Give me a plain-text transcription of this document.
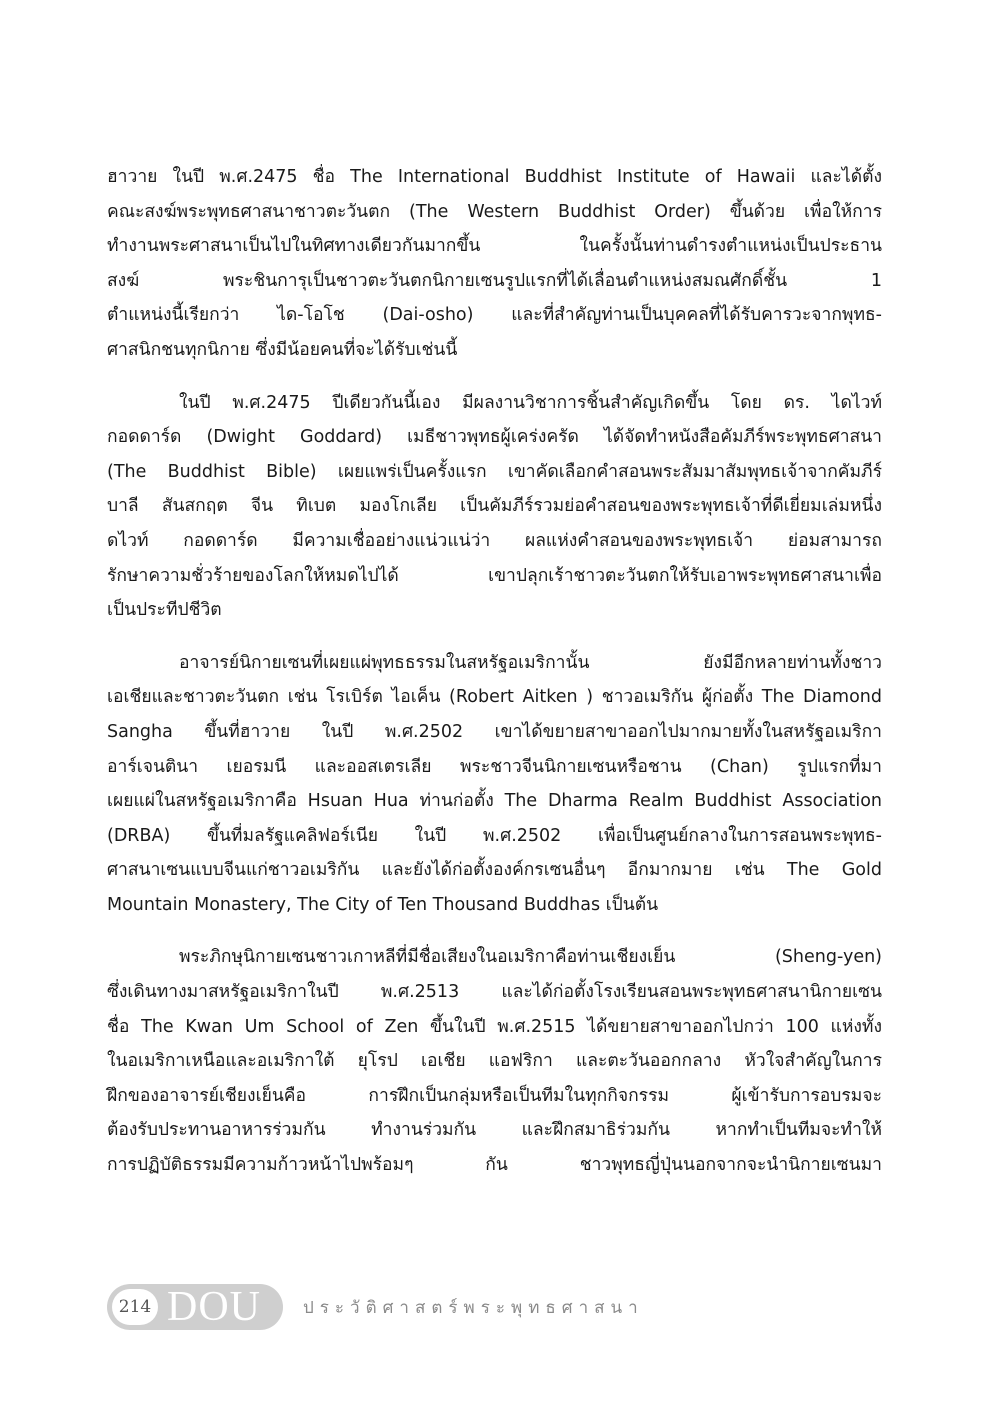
ฮาวาย ในปี พ.ศ.2475 ชื่อ The International Buddhist Institute of Hawaii และได้ตั้ง
คณะสงฆ์พระพุทธศาสนาชาวตะวันตก (The Western Buddhist Order) ขึ้นด้วย เพื่อให้การ
ทำงานพระศาสนาเป็นไปในทิศทางเดียวกันมากขึ้น ในครั้งนั้นท่านดำรงตำแหน่งเป็นประธาน
สงฆ์ พระชินการุเป็นชาวตะวันตกนิกายเซนรูปแรกที่ได้เลื่อนตำแหน่งสมณศักดิ์ชั้น 1
ตำแหน่งนี้เรียกว่า ได-โอโช (Dai-osho) และที่สำคัญท่านเป็นบุคคลที่ได้รับคารวะจากพุทธ-
ศาสนิกชนทุกนิกาย ซึ่งมีน้อยคนที่จะได้รับเช่นนี้

ในปี พ.ศ.2475 ปีเดียวกันนี้เอง มีผลงานวิชาการชิ้นสำคัญเกิดขึ้น โดย ดร. ไดไวท์
กอดดาร์ด (Dwight Goddard) เมธีชาวพุทธผู้เคร่งครัด ได้จัดทำหนังสือคัมภีร์พระพุทธศาสนา
(The Buddhist Bible) เผยแพร่เป็นครั้งแรก เขาคัดเลือกคำสอนพระสัมมาสัมพุทธเจ้าจากคัมภีร์
บาลี สันสกฤต จีน ทิเบต มองโกเลีย เป็นคัมภีร์รวมย่อคำสอนของพระพุทธเจ้าที่ดีเยี่ยมเล่มหนึ่ง
ดไวท์ กอดดาร์ด มีความเชื่ออย่างแน่วแน่ว่า ผลแห่งคำสอนของพระพุทธเจ้า ย่อมสามารถ
รักษาความชั่วร้ายของโลกให้หมดไปได้ เขาปลุกเร้าชาวตะวันตกให้รับเอาพระพุทธศาสนาเพื่อ
เป็นประทีปชีวิต

อาจารย์นิกายเซนที่เผยแผ่พุทธธรรมในสหรัฐอเมริกานั้น ยังมีอีกหลายท่านทั้งชาว
เอเชียและชาวตะวันตก เช่น โรเบิร์ต ไอเค็น (Robert Aitken ) ชาวอเมริกัน ผู้ก่อตั้ง The Diamond
Sangha ขึ้นที่ฮาวาย ในปี พ.ศ.2502 เขาได้ขยายสาขาออกไปมากมายทั้งในสหรัฐอเมริกา
อาร์เจนตินา เยอรมนี และออสเตรเลีย พระชาวจีนนิกายเซนหรือชาน (Chan) รูปแรกที่มา
เผยแผ่ในสหรัฐอเมริกาคือ Hsuan Hua ท่านก่อตั้ง The Dharma Realm Buddhist Association
(DRBA) ขึ้นที่มลรัฐแคลิฟอร์เนีย ในปี พ.ศ.2502 เพื่อเป็นศูนย์กลางในการสอนพระพุทธ-
ศาสนาเซนแบบจีนแก่ชาวอเมริกัน และยังได้ก่อตั้งองค์กรเซนอื่นๆ อีกมากมาย เช่น The Gold
Mountain Monastery, The City of Ten Thousand Buddhas เป็นต้น

พระภิกษุนิกายเซนชาวเกาหลีที่มีชื่อเสียงในอเมริกาคือท่านเชียงเย็น (Sheng-yen)
ซึ่งเดินทางมาสหรัฐอเมริกาในปี พ.ศ.2513 และได้ก่อตั้งโรงเรียนสอนพระพุทธศาสนานิกายเซน
ชื่อ The Kwan Um School of Zen ขึ้นในปี พ.ศ.2515 ได้ขยายสาขาออกไปกว่า 100 แห่งทั้ง
ในอเมริกาเหนือและอเมริกาใต้ ยุโรป เอเชีย แอฟริกา และตะวันออกกลาง หัวใจสำคัญในการ
ฝึกของอาจารย์เชียงเย็นคือ การฝึกเป็นกลุ่มหรือเป็นทีมในทุกกิจกรรม ผู้เข้ารับการอบรมจะ
ต้องรับประทานอาหารร่วมกัน ทำงานร่วมกัน และฝึกสมาธิร่วมกัน หากทำเป็นทีมจะทำให้
การปฏิบัติธรรมมีความก้าวหน้าไปพร้อมๆ กัน ชาวพุทธญี่ปุ่นนอกจากจะนำนิกายเซนมา

214 DOU ประวัติศาสตร์พระพุทธศาสนา
